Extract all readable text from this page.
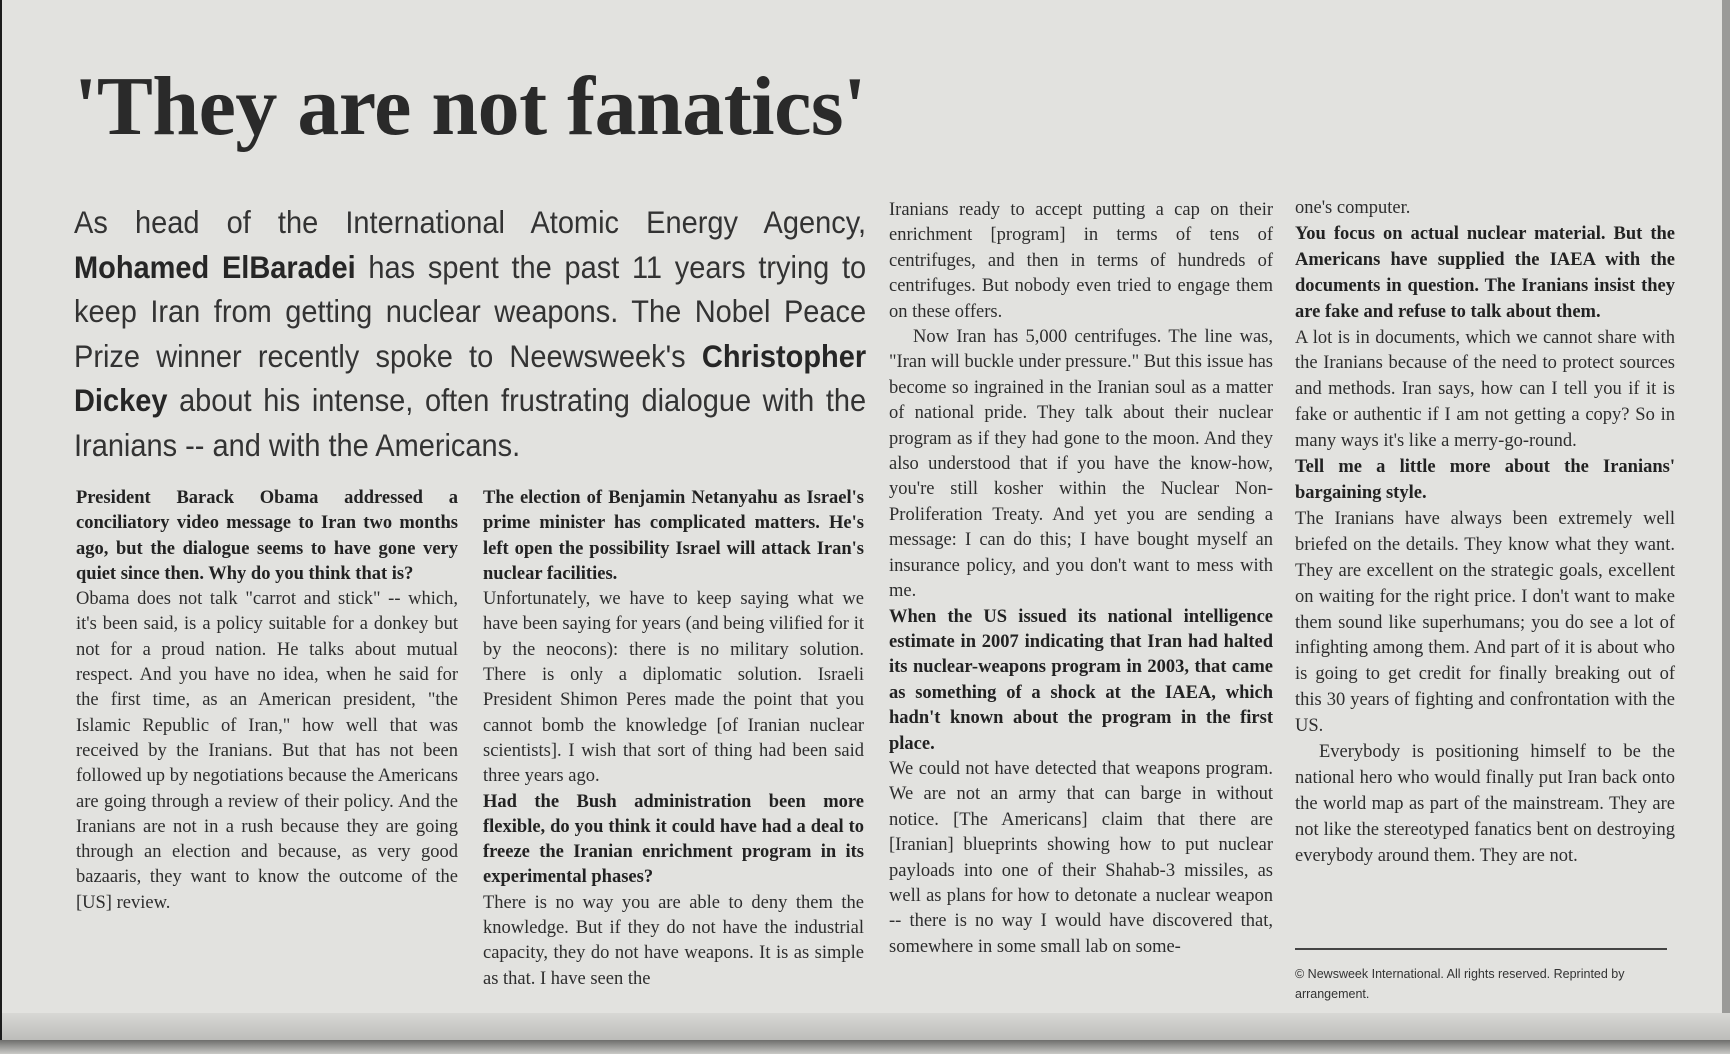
'They are not fanatics'

As head of the International Atomic Energy Agency, Mohamed ElBaradei has spent the past 11 years trying to keep Iran from getting nuclear weapons. The Nobel Peace Prize winner recently spoke to Neewsweek's Christopher Dickey about his intense, often frustrating dialogue with the Iranians -- and with the Americans.

President Barack Obama addressed a conciliatory video message to Iran two months ago, but the dialogue seems to have gone very quiet since then. Why do you think that is?

Obama does not talk "carrot and stick" -- which, it's been said, is a policy suitable for a donkey but not for a proud nation. He talks about mutual respect. And you have no idea, when he said for the first time, as an American president, "the Islamic Republic of Iran," how well that was received by the Iranians. But that has not been followed up by negotiations because the Americans are going through a review of their policy. And the Iranians are not in a rush because they are going through an election and because, as very good bazaaris, they want to know the outcome of the [US] review.

The election of Benjamin Netanyahu as Israel's prime minister has complicated matters. He's left open the possibility Israel will attack Iran's nuclear facilities.

Unfortunately, we have to keep saying what we have been saying for years (and being vilified for it by the neocons): there is no military solution. There is only a diplomatic solution. Israeli President Shimon Peres made the point that you cannot bomb the knowledge [of Iranian nuclear scientists]. I wish that sort of thing had been said three years ago.

Had the Bush administration been more flexible, do you think it could have had a deal to freeze the Iranian enrichment program in its experimental phases?

There is no way you are able to deny them the knowledge. But if they do not have the industrial capacity, they do not have weapons. It is as simple as that. I have seen the

Iranians ready to accept putting a cap on their enrichment [program] in terms of tens of centrifuges, and then in terms of hundreds of centrifuges. But nobody even tried to engage them on these offers.

Now Iran has 5,000 centrifuges. The line was, "Iran will buckle under pressure." But this issue has become so ingrained in the Iranian soul as a matter of national pride. They talk about their nuclear program as if they had gone to the moon. And they also understood that if you have the know-how, you're still kosher within the Nuclear Non-Proliferation Treaty. And yet you are sending a message: I can do this; I have bought myself an insurance policy, and you don't want to mess with me.

When the US issued its national intelligence estimate in 2007 indicating that Iran had halted its nuclear-weapons program in 2003, that came as something of a shock at the IAEA, which hadn't known about the program in the first place.

We could not have detected that weapons program. We are not an army that can barge in without notice. [The Americans] claim that there are [Iranian] blueprints showing how to put nuclear payloads into one of their Shahab-3 missiles, as well as plans for how to detonate a nuclear weapon -- there is no way I would have discovered that, somewhere in some small lab on some-

one's computer.

You focus on actual nuclear material. But the Americans have supplied the IAEA with the documents in question. The Iranians insist they are fake and refuse to talk about them.

A lot is in documents, which we cannot share with the Iranians because of the need to protect sources and methods. Iran says, how can I tell you if it is fake or authentic if I am not getting a copy? So in many ways it's like a merry-go-round.

Tell me a little more about the Iranians' bargaining style.

The Iranians have always been extremely well briefed on the details. They know what they want. They are excellent on the strategic goals, excellent on waiting for the right price. I don't want to make them sound like superhumans; you do see a lot of infighting among them. And part of it is about who is going to get credit for finally breaking out of this 30 years of fighting and confrontation with the US.

Everybody is positioning himself to be the national hero who would finally put Iran back onto the world map as part of the mainstream. They are not like the stereotyped fanatics bent on destroying everybody around them. They are not.

© Newsweek International. All rights reserved. Reprinted by arrangement.
